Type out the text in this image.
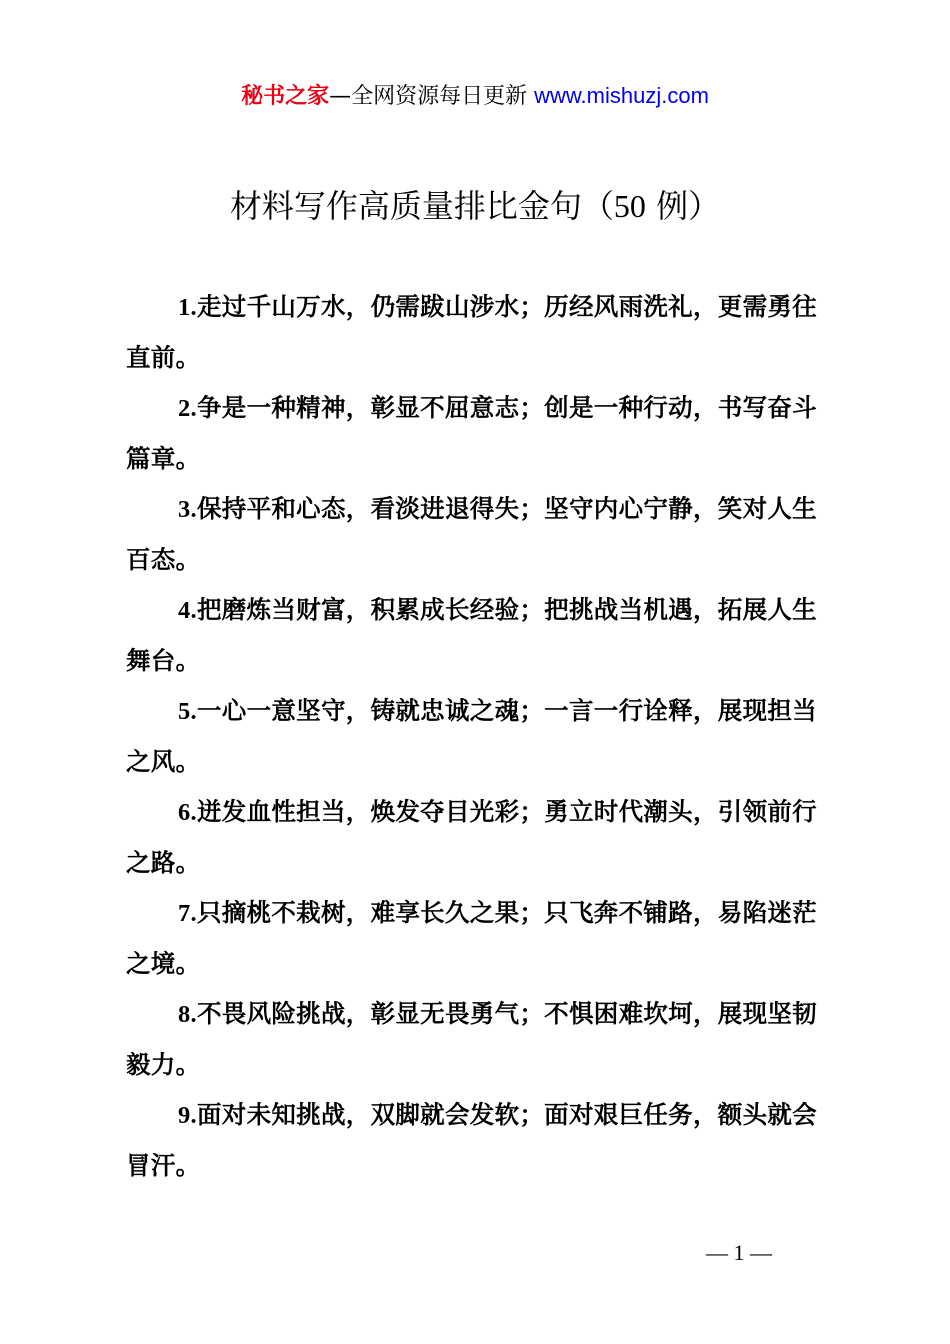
秘书之家—全网资源每日更新 www.mishuzj.com
材料写作高质量排比金句（50 例）
1.走过千山万水，仍需跋山涉水；历经风雨洗礼，更需勇往直前。
2.争是一种精神，彰显不屈意志；创是一种行动，书写奋斗篇章。
3.保持平和心态，看淡进退得失；坚守内心宁静，笑对人生百态。
4.把磨炼当财富，积累成长经验；把挑战当机遇，拓展人生舞台。
5.一心一意坚守，铸就忠诚之魂；一言一行诠释，展现担当之风。
6.迸发血性担当，焕发夺目光彩；勇立时代潮头，引领前行之路。
7.只摘桃不栽树，难享长久之果；只飞奔不铺路，易陷迷茫之境。
8.不畏风险挑战，彰显无畏勇气；不惧困难坎坷，展现坚韧毅力。
9.面对未知挑战，双脚就会发软；面对艰巨任务，额头就会冒汗。
— 1 —
